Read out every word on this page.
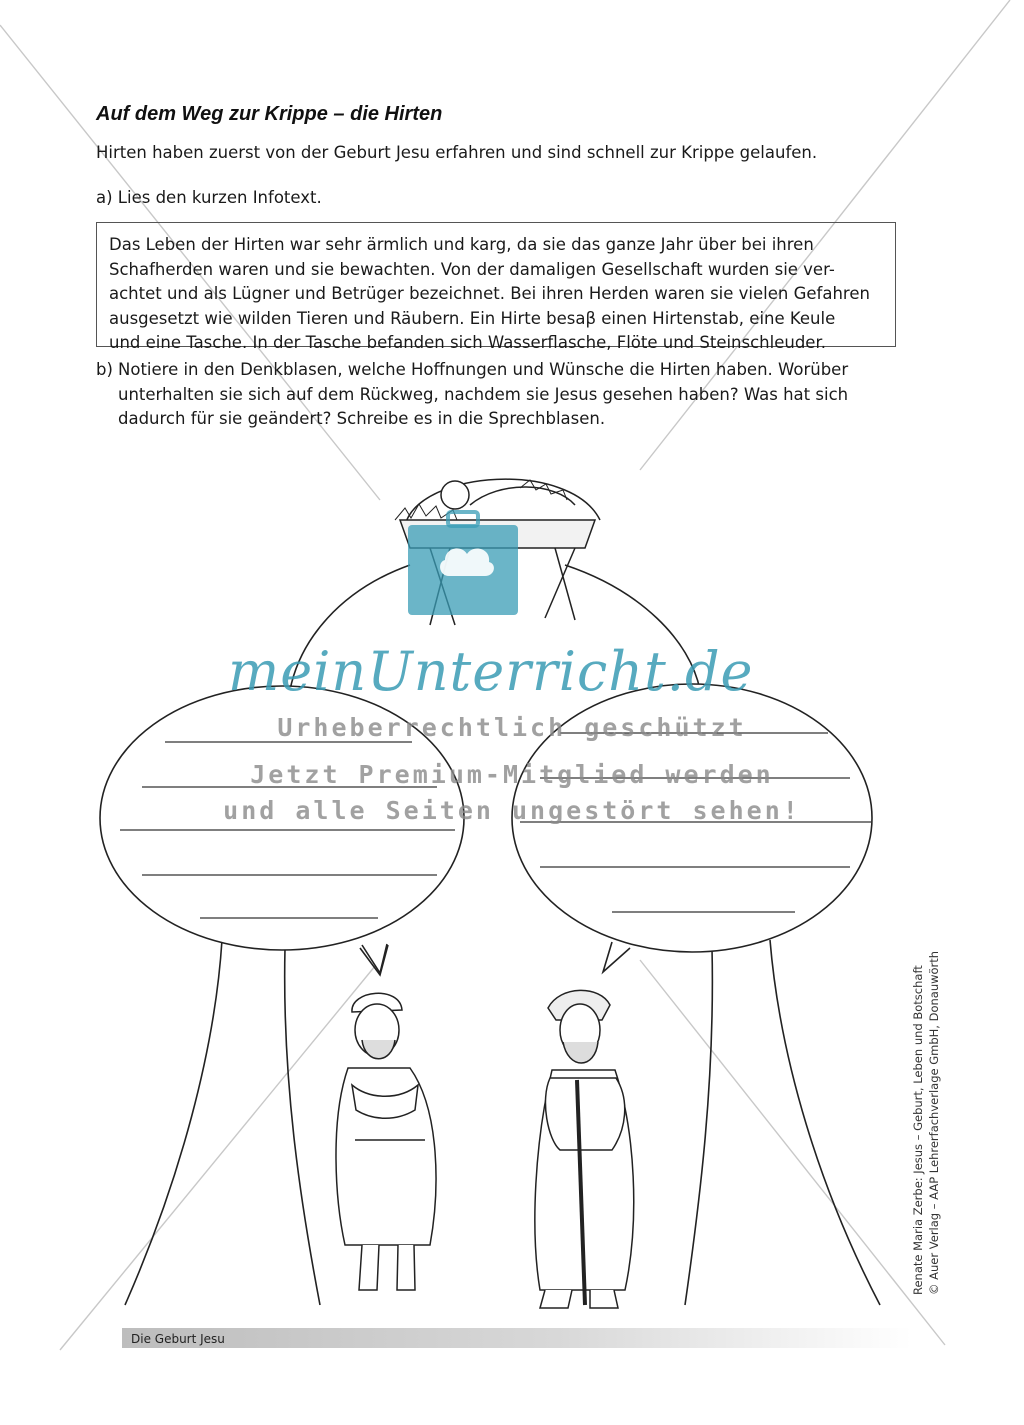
Auf dem Weg zur Krippe – die Hirten
Hirten haben zuerst von der Geburt Jesu erfahren und sind schnell zur Krippe gelaufen.
a) Lies den kurzen Infotext.
Das Leben der Hirten war sehr ärmlich und karg, da sie das ganze Jahr über bei ihren
Schafherden waren und sie bewachten. Von der damaligen Gesellschaft wurden sie ver-
achtet und als Lügner und Betrüger bezeichnet. Bei ihren Herden waren sie vielen Gefahren
ausgesetzt wie wilden Tieren und Räubern. Ein Hirte besaβ einen Hirtenstab, eine Keule
und eine Tasche. In der Tasche befanden sich Wasserflasche, Flöte und Steinschleuder.
b) Notiere in den Denkblasen, welche Hoffnungen und Wünsche die Hirten haben. Worüber
unterhalten sie sich auf dem Rückweg, nachdem sie Jesus gesehen haben? Was hat sich
dadurch für sie geändert? Schreibe es in die Sprechblasen.
meinUnterricht.de
Urheberrechtlich geschützt
Jetzt Premium-Mitglied werden
und alle Seiten ungestört sehen!
Renate Maria Zerbe: Jesus – Geburt, Leben und Botschaft © Auer Verlag – AAP Lehrerfachverlage GmbH, Donauwörth
Die Geburt Jesu
